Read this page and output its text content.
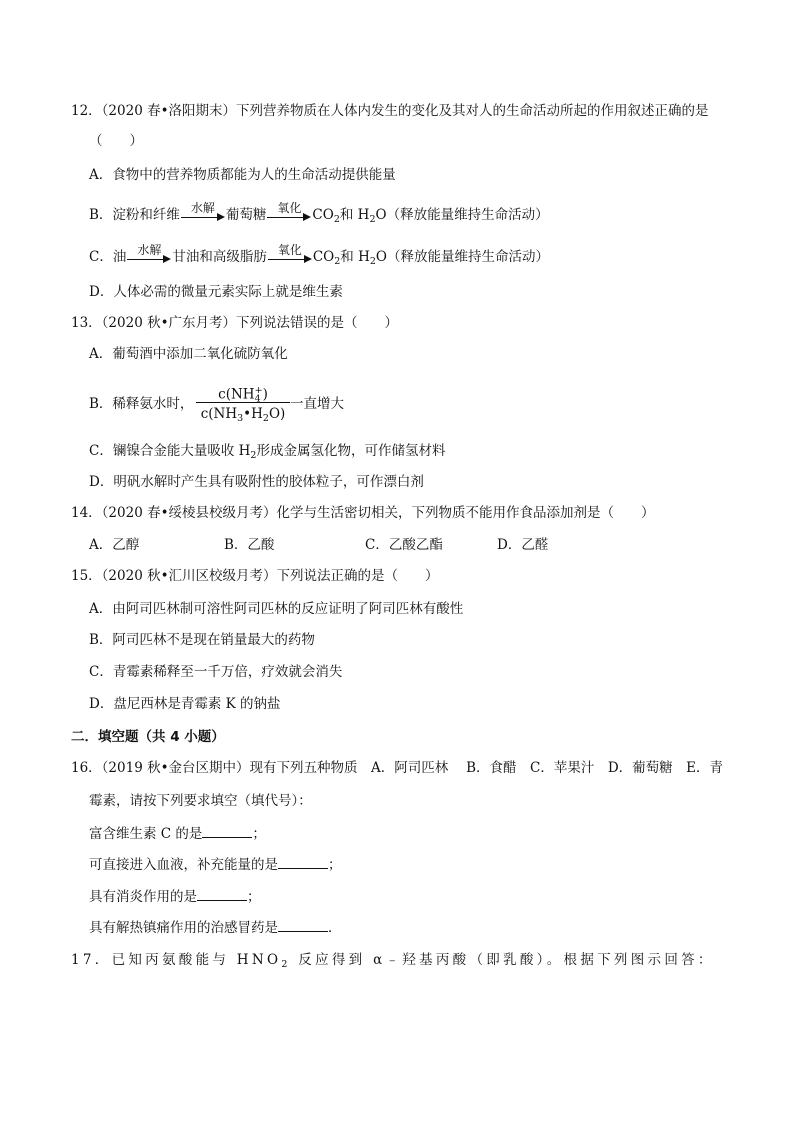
12．（2020 春•洛阳期末）下列营养物质在人体内发生的变化及其对人的生命活动所起的作用叙述正确的是
（　　）
A．食物中的营养物质都能为人的生命活动提供能量
B．淀粉和纤维 水解 葡萄糖 氧化 $CO_2$和 $H_2O$（释放能量维持生命活动）
C．油 水解 甘油和高级脂肪 氧化 $CO_2$和 $H_2O$（释放能量维持生命活动）
D．人体必需的微量元素实际上就是维生素
13．（2020 秋•广东月考）下列说法错误的是（　　）
A．葡萄酒中添加二氧化硫防氧化
B．稀释氨水时，
$c(NH_4^+)$
$c(NH_3•H_2O)$
一直增大
C．镧镍合金能大量吸收 $H_2$形成金属氢化物，可作储氢材料
D．明矾水解时产生具有吸附性的胶体粒子，可作漂白剂
14．（2020 春•绥棱县校级月考）化学与生活密切相关，下列物质不能用作食品添加剂是（　　）
A．乙醇	B．乙酸	C．乙酸乙酯	D．乙醛
15．（2020 秋•汇川区校级月考）下列说法正确的是（　　）
A．由阿司匹林制可溶性阿司匹林的反应证明了阿司匹林有酸性
B．阿司匹林不是现在销量最大的药物
C．青霉素稀释至一千万倍，疗效就会消失
D．盘尼西林是青霉素 K 的钠盐
二．填空题（共 4 小题）
16．（2019 秋•金台区期中）现有下列五种物质　A．阿司匹林　 B．食醋　C．苹果汁　D．葡萄糖　E．青
霉素，请按下列要求填空（填代号）：
富含维生素 C 的是	；
可直接进入血液，补充能量的是	；
具有消炎作用的是	；
具有解热镇痛作用的治感冒药是	．
17．已知丙氨酸能与 $HNO_2$ 反应得到 α﹣羟基丙酸（即乳酸）。根据下列图示回答：
